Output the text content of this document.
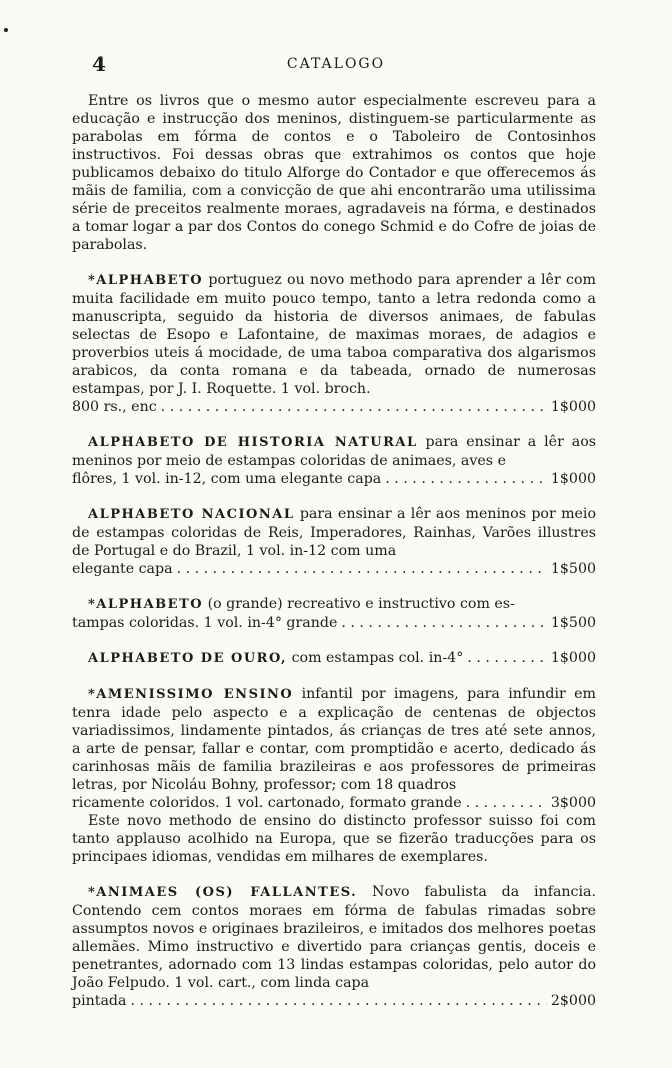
4	CATALOGO

Entre os livros que o mesmo autor especialmente escreveu para a educação e instrucção dos meninos, distinguem-se particularmente as parabolas em fórma de contos e o Taboleiro de Contosinhos instructivos. Foi dessas obras que extrahimos os contos que hoje publicamos debaixo do titulo Alforge do Contador e que offerecemos ás mãis de familia, com a convicção de que ahi encontrarão uma utilissima série de preceitos realmente moraes, agradaveis na fórma, e destinados a tomar logar a par dos Contos do conego Schmid e do Cofre de joias de parabolas.

*ALPHABETO portuguez ou novo methodo para aprender a lêr com muita facilidade em muito pouco tempo, tanto a letra redonda como a manuscripta, seguido da historia de diversos animaes, de fabulas selectas de Esopo e Lafontaine, de maximas moraes, de adagios e proverbios uteis á mocidade, de uma taboa comparativa dos algarismos arabicos, da conta romana e da tabeada, ornado de numerosas estampas, por J. I. Roquette. 1 vol. broch.

800 rs., enc . . .	1$000

ALPHABETO DE HISTORIA NATURAL para ensinar a lêr aos meninos por meio de estampas coloridas de animaes, aves e

flôres, 1 vol. in-12, com uma elegante capa . . .	1$000

ALPHABETO NACIONAL para ensinar a lêr aos meninos por meio de estampas coloridas de Reis, Imperadores, Rainhas, Varões illustres de Portugal e do Brazil, 1 vol. in-12 com uma

elegante capa . . .	1$500

*ALPHABETO (o grande) recreativo e instructivo com es-

tampas coloridas. 1 vol. in-4° grande . . .	1$500
ALPHABETO DE OURO,
com estampas col. in-4° . . .	1$000

*AMENISSIMO ENSINO infantil por imagens, para infundir em tenra idade pelo aspecto e a explicação de centenas de objectos variadissimos, lindamente pintados, ás crianças de tres até sete annos, a arte de pensar, fallar e contar, com promptidão e acerto, dedicado ás carinhosas mãis de familia brazileiras e aos professores de primeiras letras, por Nicoláu Bohny, professor; com 18 quadros

ricamente coloridos. 1 vol. cartonado, formato grande . . .	3$000

Este novo methodo de ensino do distincto professor suisso foi com tanto applauso acolhido na Europa, que se fizerão traducções para os principaes idiomas, vendidas em milhares de exemplares.

*ANIMAES (OS) FALLANTES. Novo fabulista da infancia. Contendo cem contos moraes em fórma de fabulas rimadas sobre assumptos novos e originaes brazileiros, e imitados dos melhores poetas allemães. Mimo instructivo e divertido para crianças gentis, doceis e penetrantes, adornado com 13 lindas estampas coloridas, pelo autor do João Felpudo. 1 vol. cart., com linda capa

pintada . . .	2$000
